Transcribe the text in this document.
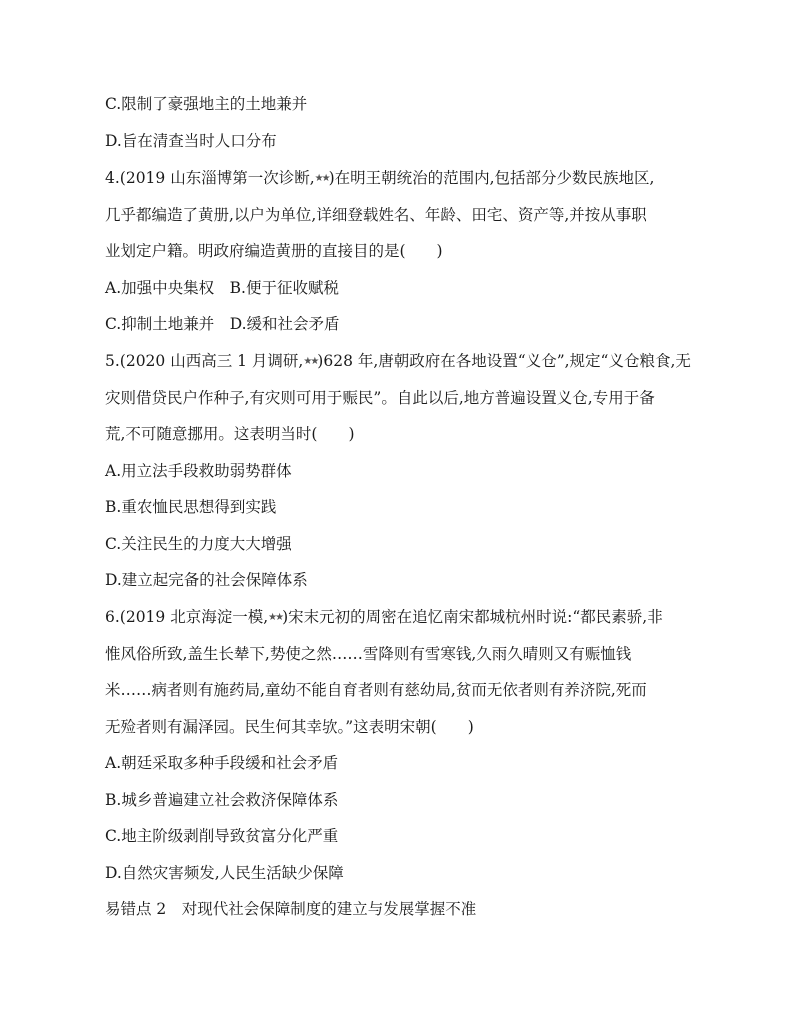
C.限制了豪强地主的土地兼并
D.旨在清查当时人口分布
4.(2019 山东淄博第一次诊断,★★)在明王朝统治的范围内,包括部分少数民族地区,
几乎都编造了黄册,以户为单位,详细登载姓名、年龄、田宅、资产等,并按从事职
业划定户籍。明政府编造黄册的直接目的是(　　)
A.加强中央集权　B.便于征收赋税
C.抑制土地兼并　D.缓和社会矛盾
5.(2020 山西高三 1 月调研,★★)628 年,唐朝政府在各地设置“义仓”,规定“义仓粮食,无
灾则借贷民户作种子,有灾则可用于赈民”。自此以后,地方普遍设置义仓,专用于备
荒,不可随意挪用。这表明当时(　　)
A.用立法手段救助弱势群体
B.重农恤民思想得到实践
C.关注民生的力度大大增强
D.建立起完备的社会保障体系
6.(2019 北京海淀一模,★★)宋末元初的周密在追忆南宋都城杭州时说:“都民素骄,非
惟风俗所致,盖生长辇下,势使之然……雪降则有雪寒钱,久雨久晴则又有赈恤钱
米……病者则有施药局,童幼不能自育者则有慈幼局,贫而无依者则有养济院,死而
无殓者则有漏泽园。民生何其幸欤。”这表明宋朝(　　)
A.朝廷采取多种手段缓和社会矛盾
B.城乡普遍建立社会救济保障体系
C.地主阶级剥削导致贫富分化严重
D.自然灾害频发,人民生活缺少保障
易错点 2　对现代社会保障制度的建立与发展掌握不准
